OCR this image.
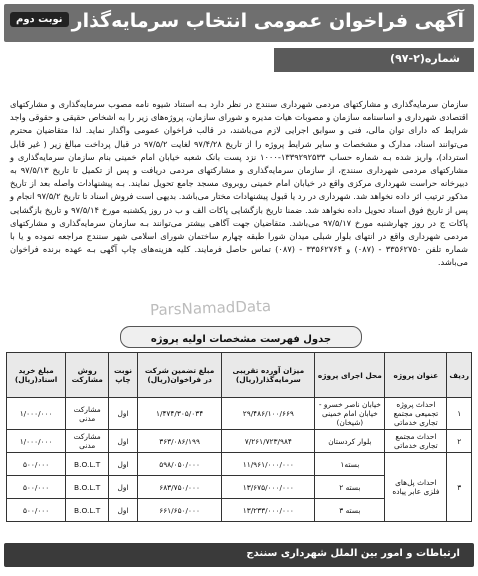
آگهی فراخوان عمومی انتخاب سرمایه‌گذار
نوبت دوم
شماره(۲-۹۷)
سازمان سرمایه‌گذاری و مشارکتهای مردمی شهرداری سنندج در نظر دارد بـه استناد شیوه نامه مصوب سرمایه‌گذاری و مشارکتهای اقتصادی شهرداری و اساسنامه سازمان و مصوبات هیات مدیره و شورای سازمان، پروژه‌های زیر را به اشخاص حقیقی و حقوقی واجد شرایط که دارای توان مالی، فنی و سوابق اجرایی لازم می‌باشند، در قالب فراخوان عمومی واگذار نماید. لذا متقاضیان محترم می‌توانند اسناد، مدارک و مشخصات و سایر شرایط پروژه را از تاریخ ۹۷/۴/۲۸ لغایت ۹۷/۵/۲ در قبال پرداخت مبالغ زیر ( غیر قابل استرداد)، واریز شده بـه شماره حساب ۱۳۳۹۲۹۲۵۳۳-۱۰۰۰ نزد پست بانک شعبه خیابان امام خمینی بنام سازمان سرمایه‌گذاری و مشارکتهای مردمی شهرداری سنندج، از سازمان سرمایه‌گذاری و مشارکتهای مردمی دریافت و پس از تکمیل تا تاریخ ۹۷/۵/۱۳ به دبیرخانه حراست شهرداری مرکزی واقع در خیابان امام خمینی روبروی مسجد جامع تحویل نمایند. بـه پیشنهادات واصله بعد از تاریخ مذکور ترتیب اثر داده نخواهد شد. شهرداری در رد یا قبول پیشنهادات مختار می‌باشد. بدیهی است فروش اسناد تا تاریخ ۹۷/۵/۲ انجام و پس از تاریخ فوق اسناد تحویل داده نخواهد شد. ضمنا تاریخ بازگشایی پاکات الف و ب در روز یکشنبه مورخ ۹۷/۵/۱۴ و تاریخ بازگشایی پاکات ج در روز چهارشنبه مورخ ۹۷/۵/۱۷ می‌باشد. متقاضیان جهت آگاهی بیشتر می‌توانند بـه سازمان سرمایه‌گذاری و مشارکتهای مردمی شهرداری واقع در انتهای بلوار شبلی میدان شورا طبقه چهارم ساختمان شورای اسلامی شهر سنندج مراجعه نموده و یا با شماره تلفن ۳۳۵۶۲۷۵۰ - (۰۸۷) و ۳۳۵۶۲۷۶۴ - (۰۸۷) تماس حاصل فرمایند. کلیه هزینه‌های چاپ آگهی بـه عهده برنده فراخوان می‌باشد.
ParsNamadData
جدول فهرست مشخصات اولیه پروژه
ردیف	عنوان پروژه	محل اجرای پروژه	میزان آورده تقریبی سرمایه‌گذار(ریال)	مبلغ تضمین شرکت در فراخوان(ریال)	نوبت چاپ	روش مشارکت	مبلغ خرید اسناد(ریال)
۱	احداث پروژه تجمیعی مجتمع تجاری خدماتی	خیابان ناصر خسرو - خیابان امام خمینی (شیخان)	۲۹/۴۸۶/۱۰۰/۶۶۹	۱/۴۷۴/۳۰۵/۰۳۴	اول	مشارکت مدنی	۱/۰۰۰/۰۰۰
۲	احداث مجتمع تجاری خدماتی	بلوار کردستان	۷/۲۶۱/۷۲۳/۹۸۴	۳۶۳/۰۸۶/۱۹۹	اول	مشارکت مدنی	۱/۰۰۰/۰۰۰
۳	احداث پل‌های فلزی عابر پیاده	بسته۱	۱۱/۹۶۱/۰۰۰/۰۰۰	۵۹۸/۰۵۰/۰۰۰	اول	B.O.L.T	۵۰۰/۰۰۰
		بسته ۲	۱۳/۶۷۵/۰۰۰/۰۰۰	۶۸۳/۷۵۰/۰۰۰	اول	B.O.L.T	۵۰۰/۰۰۰
		بسته ۳	۱۳/۲۳۳/۰۰۰/۰۰۰	۶۶۱/۶۵۰/۰۰۰	اول	B.O.L.T	۵۰۰/۰۰۰
ارتباطات و امور بین الملل شهرداری سنندج
